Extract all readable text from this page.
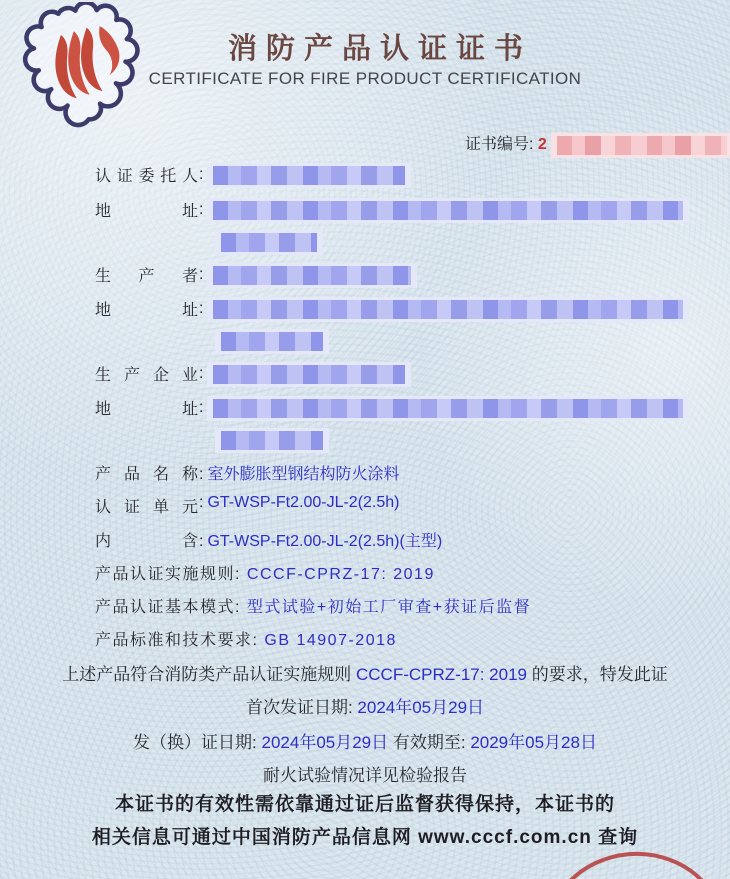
消防产品认证证书
CERTIFICATE FOR FIRE PRODUCT CERTIFICATION
证书编号: 2
认证委托人:
地址:
生产者:
地址:
生产企业:
地址:
产品名称: 室外膨胀型钢结构防火涂料
认证单元: GT-WSP-Ft2.00-JL-2(2.5h)
内含: GT-WSP-Ft2.00-JL-2(2.5h)(主型)
产品认证实施规则: CCCF-CPRZ-17: 2019
产品认证基本模式: 型式试验+初始工厂审查+获证后监督
产品标准和技术要求: GB 14907-2018
上述产品符合消防类产品认证实施规则 CCCF-CPRZ-17: 2019 的要求，特发此证
首次发证日期: 2024年05月29日
发（换）证日期: 2024年05月29日 有效期至: 2029年05月28日
耐火试验情况详见检验报告
本证书的有效性需依靠通过证后监督获得保持，本证书的
相关信息可通过中国消防产品信息网 www.cccf.com.cn 查询
